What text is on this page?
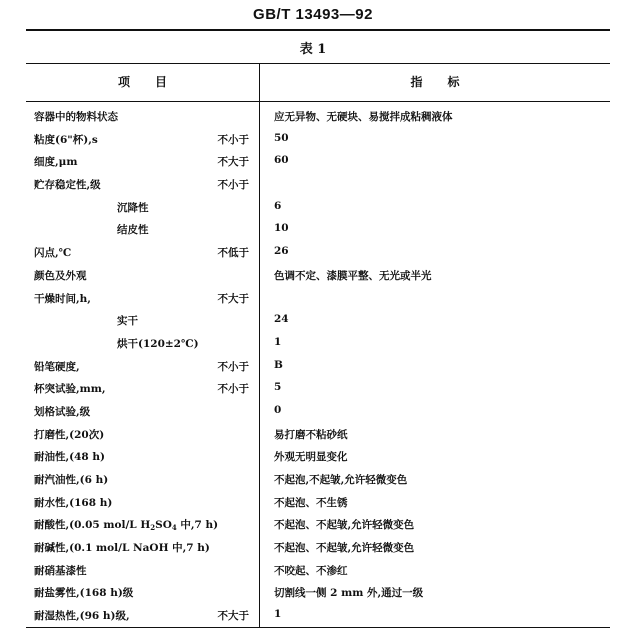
GB/T 13493—92
表 1
项      目	指      标
容器中的物料状态	应无异物、无硬块、易搅拌成粘稠液体
粘度(6"杯),s	不小于 50
细度,μm	不大于 60
贮存稳定性,级	不小于
沉降性	6
结皮性	10
闪点,℃	不低于 26
颜色及外观	色调不定、漆膜平整、无光或半光
干燥时间,h,	不大于
实干	24
烘干(120±2℃)	1
铅笔硬度,	不小于 B
杯突试验,mm,	不小于 5
划格试验,级	0
打磨性,(20次)	易打磨不粘砂纸
耐油性,(48 h)	外观无明显变化
耐汽油性,(6 h)	不起泡,不起皱,允许轻微变色
耐水性,(168 h)	不起泡、不生锈
耐酸性,(0.05 mol/L $H_2SO_4$ 中,7 h)	不起泡、不起皱,允许轻微变色
耐碱性,(0.1 mol/L NaOH 中,7 h)	不起泡、不起皱,允许轻微变色
耐硝基漆性	不咬起、不渗红
耐盐雾性,(168 h)级	切割线一侧 2 mm 外,通过一级
耐湿热性,(96 h)级,	不大于 1
